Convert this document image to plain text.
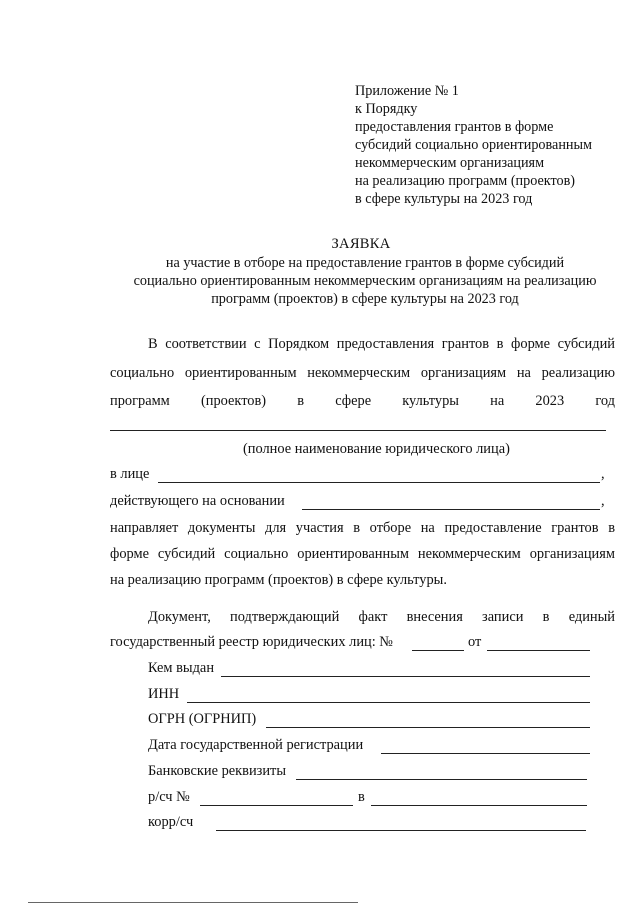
Приложение № 1
к Порядку
предоставления грантов в форме
субсидий социально ориентированным
некоммерческим организациям
на реализацию программ (проектов)
в сфере культуры на 2023 год
ЗАЯВКА
на участие в отборе на предоставление грантов в форме субсидий
социально ориентированным некоммерческим организациям на реализацию
программ (проектов) в сфере культуры на 2023 год
В соответствии с Порядком предоставления грантов в форме субсидий
социально ориентированным некоммерческим организациям на реализацию
программ (проектов) в сфере культуры на 2023 год
(полное наименование юридического лица)
в лице	,
действующего на основании	,
направляет документы для участия в отборе на предоставление грантов в
форме субсидий социально ориентированным некоммерческим организациям
на реализацию программ (проектов) в сфере культуры.
Документ, подтверждающий факт внесения записи в единый
государственный реестр юридических лиц: №	от
Кем выдан
ИНН
ОГРН (ОГРНИП)
Дата государственной регистрации
Банковские реквизиты
р/сч №	в
корр/сч
